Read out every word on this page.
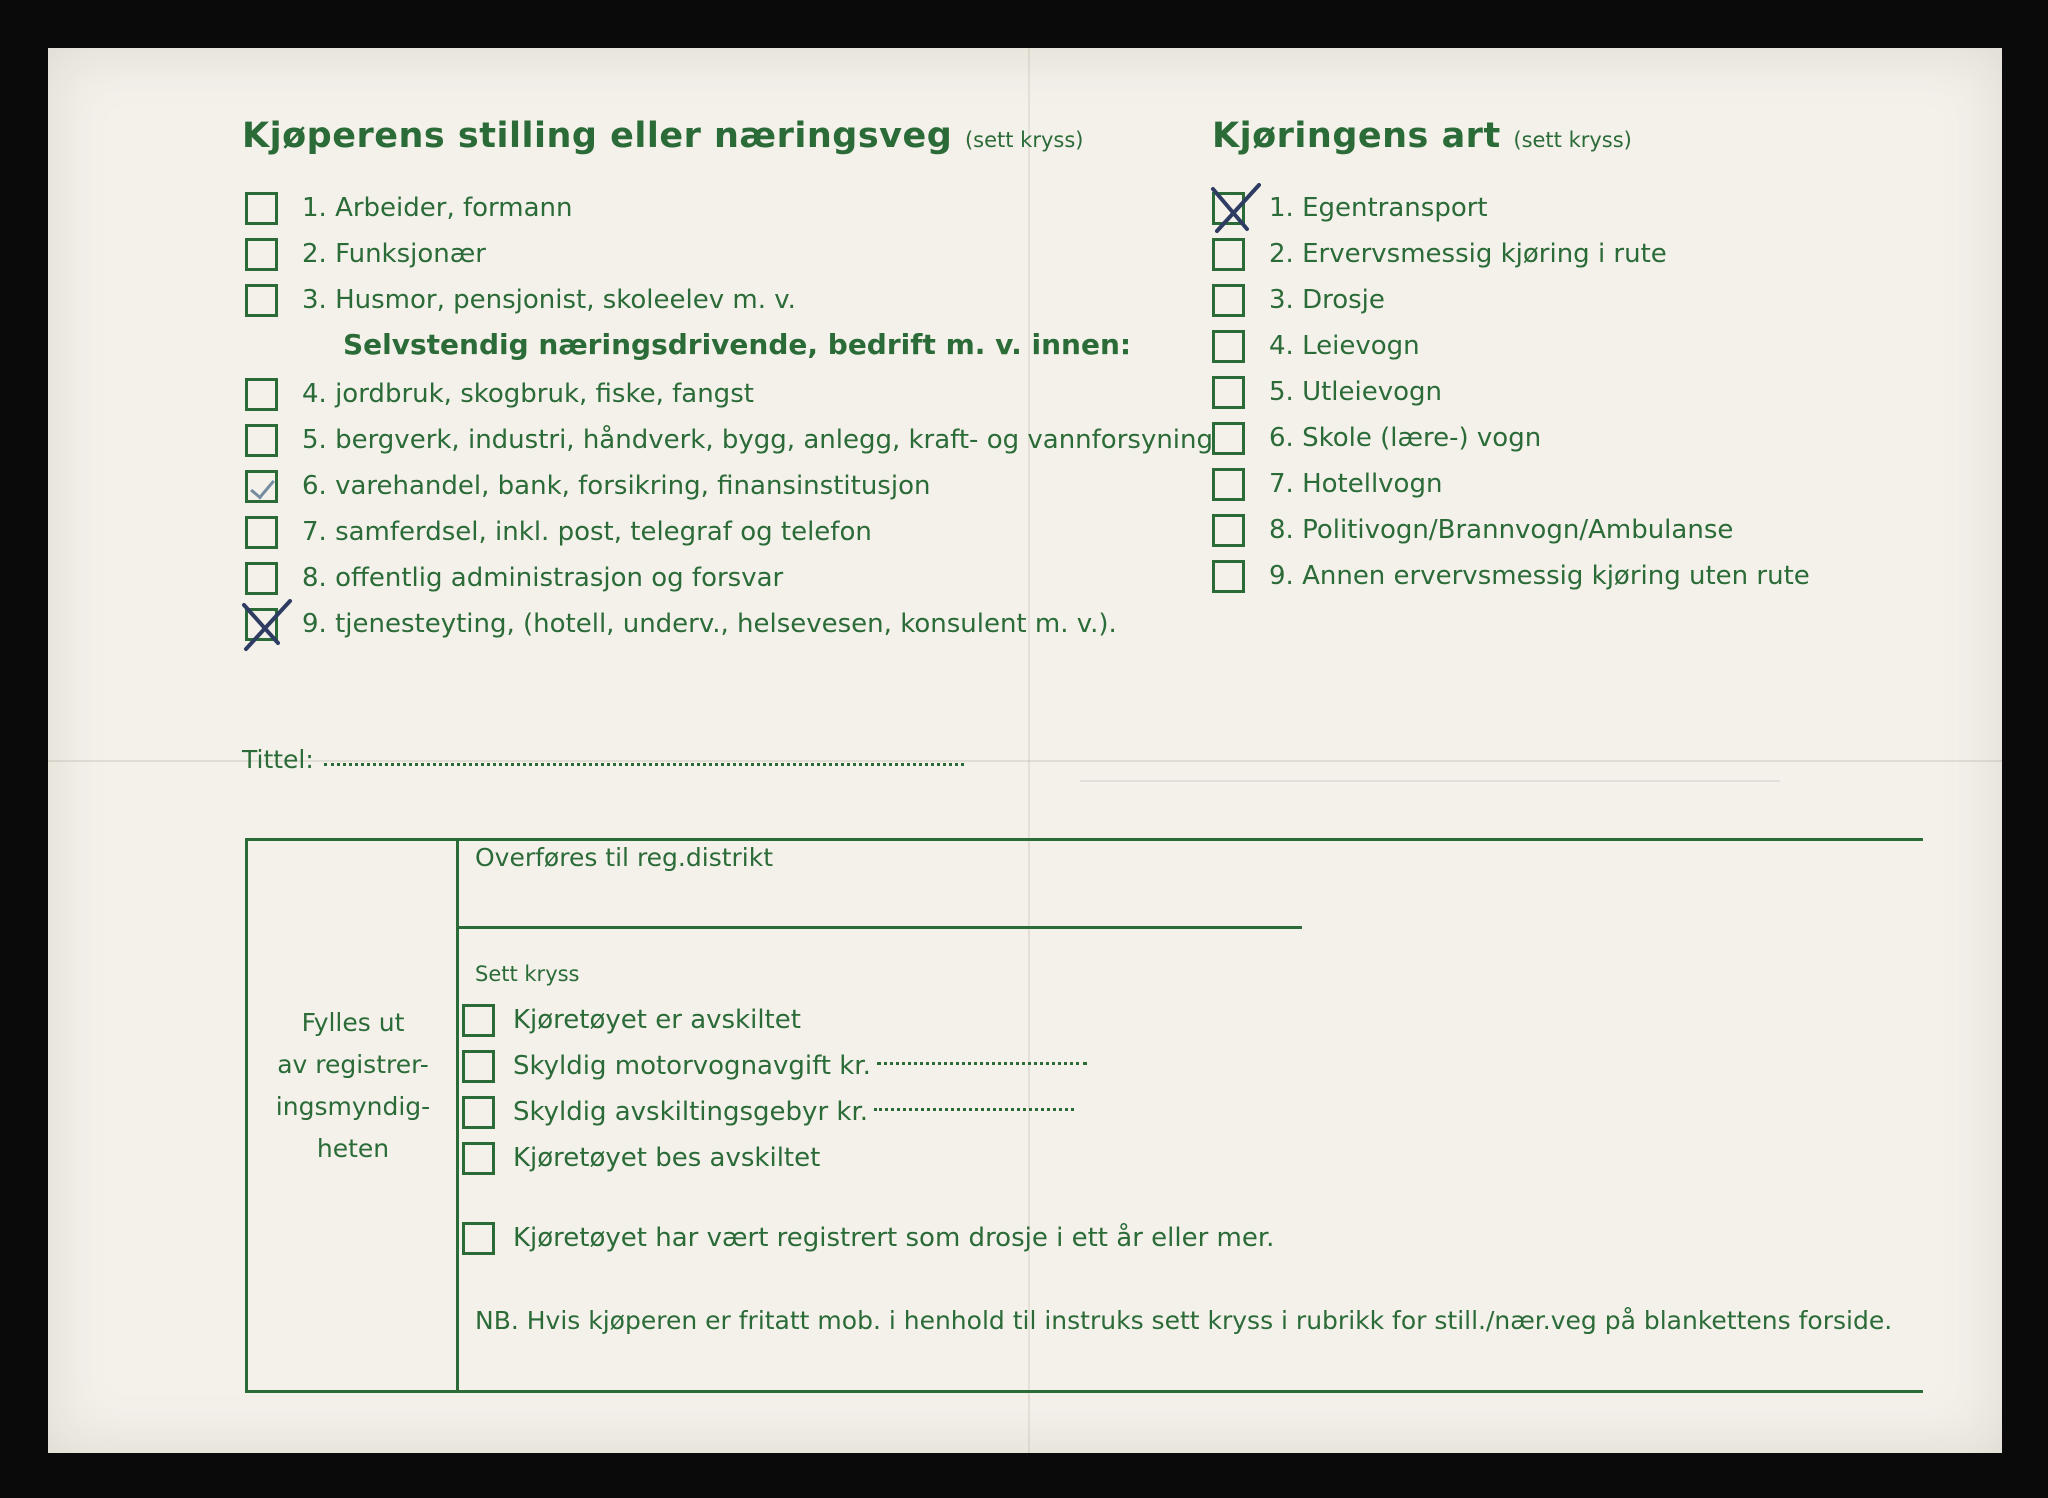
Kjøperens stilling eller næringsveg (sett kryss)	Kjøringens art (sett kryss)
1. Arbeider, formann
2. Funksjonær
3. Husmor, pensjonist, skoleelev m. v.
Selvstendig næringsdrivende, bedrift m. v. innen:
4. jordbruk, skogbruk, fiske, fangst
5. bergverk, industri, håndverk, bygg, anlegg, kraft- og vannforsyning
6. varehandel, bank, forsikring, finansinstitusjon
7. samferdsel, inkl. post, telegraf og telefon
8. offentlig administrasjon og forsvar
9. tjenesteyting, (hotell, underv., helsevesen, konsulent m. v.).
1. Egentransport
2. Ervervsmessig kjøring i rute
3. Drosje
4. Leievogn
5. Utleievogn
6. Skole (lære-) vogn
7. Hotellvogn
8. Politivogn/Brannvogn/Ambulanse
9. Annen ervervsmessig kjøring uten rute
Tittel:
Fylles ut
av registrer-
ingsmyndig-
heten
Overføres til reg.distrikt
Sett kryss
Kjøretøyet er avskiltet
Skyldig motorvognavgift kr.
Skyldig avskiltingsgebyr kr.
Kjøretøyet bes avskiltet
Kjøretøyet har vært registrert som drosje i ett år eller mer.
NB. Hvis kjøperen er fritatt mob. i henhold til instruks sett kryss i rubrikk for still./nær.veg på blankettens forside.
